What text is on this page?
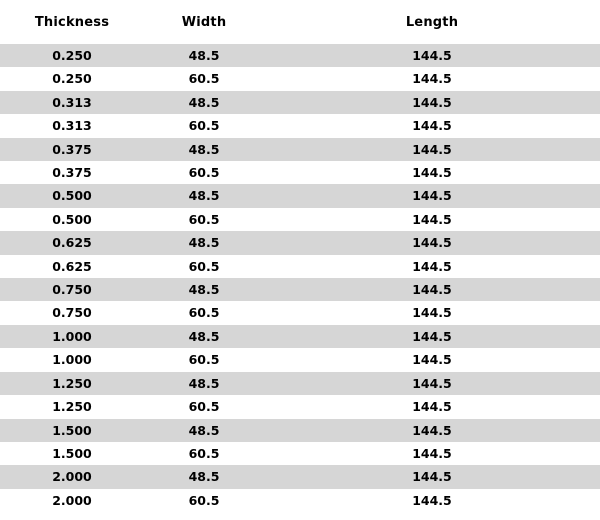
Thickness	Width	Length
0.250	48.5	144.5
0.250	60.5	144.5
0.313	48.5	144.5
0.313	60.5	144.5
0.375	48.5	144.5
0.375	60.5	144.5
0.500	48.5	144.5
0.500	60.5	144.5
0.625	48.5	144.5
0.625	60.5	144.5
0.750	48.5	144.5
0.750	60.5	144.5
1.000	48.5	144.5
1.000	60.5	144.5
1.250	48.5	144.5
1.250	60.5	144.5
1.500	48.5	144.5
1.500	60.5	144.5
2.000	48.5	144.5
2.000	60.5	144.5
